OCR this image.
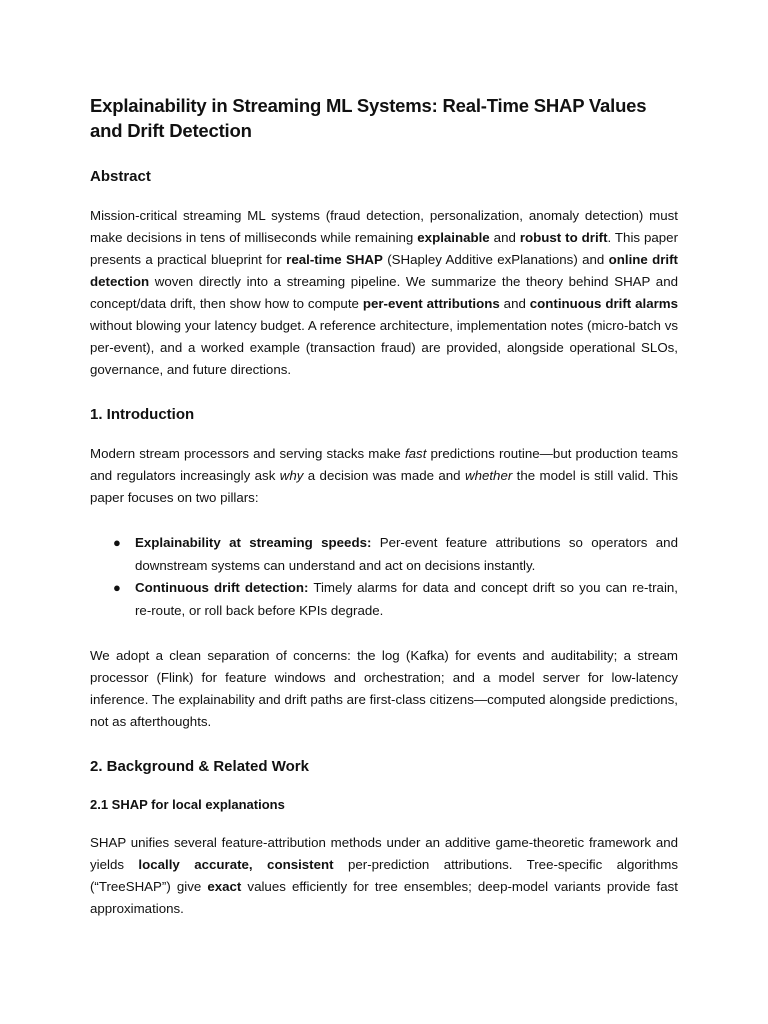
Explainability in Streaming ML Systems: Real-Time SHAP Values and Drift Detection
Abstract

Mission-critical streaming ML systems (fraud detection, personalization, anomaly detection) must make decisions in tens of milliseconds while remaining explainable and robust to drift. This paper presents a practical blueprint for real-time SHAP (SHapley Additive exPlanations) and online drift detection woven directly into a streaming pipeline. We summarize the theory behind SHAP and concept/data drift, then show how to compute per-event attributions and continuous drift alarms without blowing your latency budget. A reference architecture, implementation notes (micro-batch vs per-event), and a worked example (transaction fraud) are provided, alongside operational SLOs, governance, and future directions.

1. Introduction

Modern stream processors and serving stacks make fast predictions routine—but production teams and regulators increasingly ask why a decision was made and whether the model is still valid. This paper focuses on two pillars:

● Explainability at streaming speeds: Per-event feature attributions so operators and downstream systems can understand and act on decisions instantly.
● Continuous drift detection: Timely alarms for data and concept drift so you can re-train, re-route, or roll back before KPIs degrade.

We adopt a clean separation of concerns: the log (Kafka) for events and auditability; a stream processor (Flink) for feature windows and orchestration; and a model server for low-latency inference. The explainability and drift paths are first-class citizens—computed alongside predictions, not as afterthoughts.

2. Background & Related Work
2.1 SHAP for local explanations

SHAP unifies several feature-attribution methods under an additive game-theoretic framework and yields locally accurate, consistent per-prediction attributions. Tree-specific algorithms (“TreeSHAP”) give exact values efficiently for tree ensembles; deep-model variants provide fast approximations.
